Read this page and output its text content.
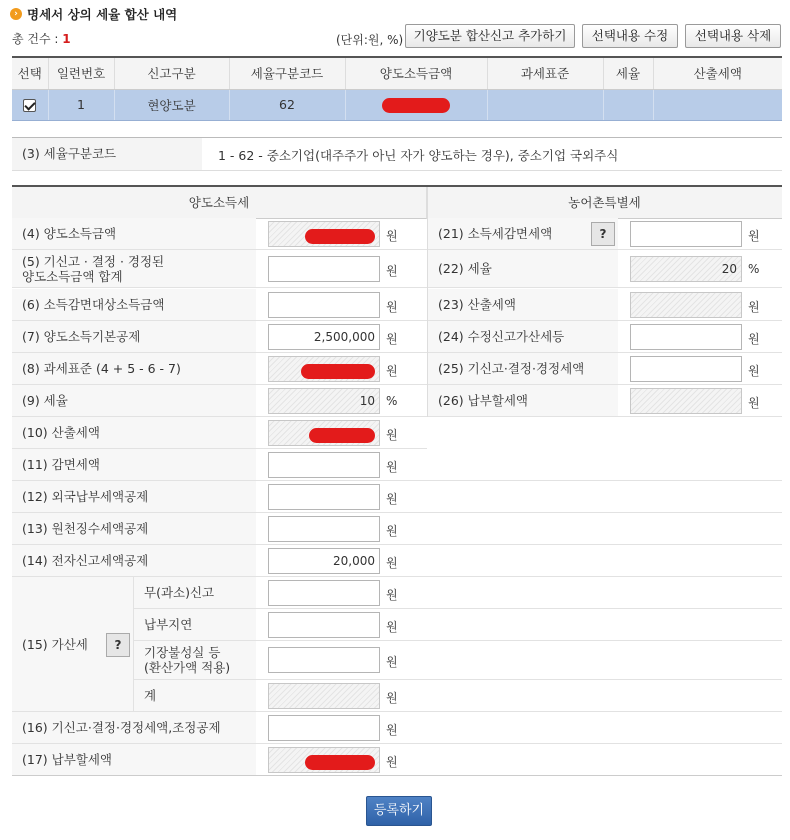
› 명세서 상의 세율 합산 내역
총 건수 : 1	(단위:원, %) 기양도분 합산신고 추가하기	선택내용 수정	선택내용 삭제
선택	일련번호	신고구분	세율구분코드	양도소득금액	과세표준	세율	산출세액
	1	현양도분	62				
(3) 세율구분코드	1 - 62 - 중소기업(대주주가 아닌 자가 양도하는 경우), 중소기업 국외주식
양도소득세	농어촌특별세
(4) 양도소득금액	원
(5) 기신고 · 결정 · 경정된
양도소득금액 합계	원
(6) 소득감면대상소득금액	원
(7) 양도소득기본공제	2,500,000 원
(8) 과세표준 (4 + 5 - 6 - 7)	원
(9) 세율	10 %
(10) 산출세액	원
(11) 감면세액	원
(12) 외국납부세액공제	원
(13) 원천징수세액공제	원
(14) 전자신고세액공제	20,000 원
(15) 가산세	?
무(과소)신고	원
납부지연	원
기장불성실 등
(환산가액 적용)	원
계	원
(16) 기신고·결정·경정세액,조정공제	원
(17) 납부할세액	원
(21) 소득세감면세액	?	원
(22) 세율	20 %
(23) 산출세액	원
(24) 수정신고가산세등	원
(25) 기신고·결정·경정세액	원
(26) 납부할세액	원
등록하기
